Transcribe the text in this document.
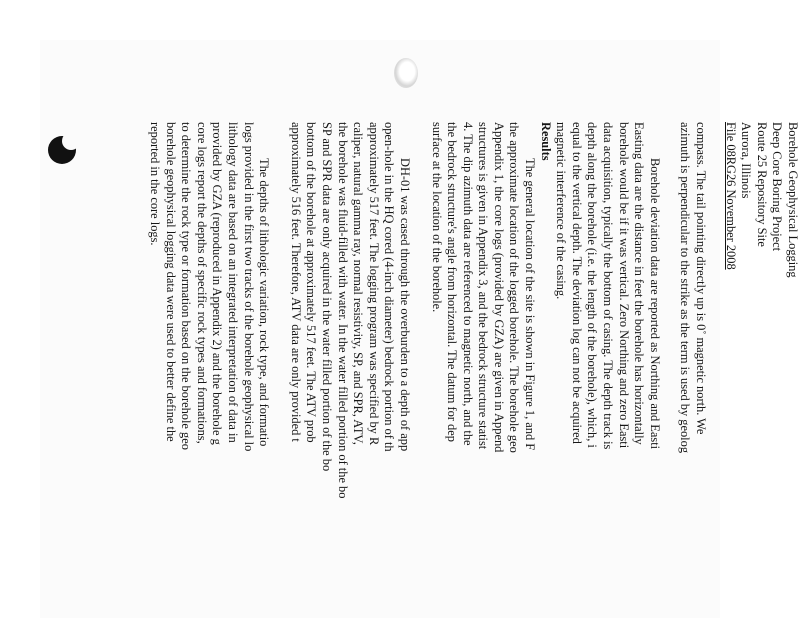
Borehole Geophysical Logging
Deep Core Boring Project
Route 25 Repository Site
Aurora, Illinois
File 08RG26 November 2008

compass. The tail pointing directly up is 0˚ magnetic north. We

azimuth is perpendicular to the strike as the term is used by geolog

Borehole deviation data are reported as Northing and Easti

Easting data are the distance in feet the borehole has horizontally

borehole would be if it was vertical. Zero Northing and zero Easti

data acquisition, typically the bottom of casing. The depth track is

depth along the borehole (i.e. the length of the borehole), which, i

equal to the vertical depth. The deviation log can not be acquired

magnetic interference of the casing.

Results

The general location of the site is shown in Figure 1, and F

the approximate location of the logged borehole. The borehole geo

Appendix 1, the core logs (provided by GZA) are given in Append

structures is given in Appendix 3, and the bedrock structure statist

4. The dip azimuth data are referenced to magnetic north, and the

the bedrock structure's angle from horizontal. The datum for dep

surface at the location of the borehole.

DH-01 was cased through the overburden to a depth of app

open-hole in the HQ cored (4-inch diameter) bedrock portion of th

approximately 517 feet. The logging program was specified by R

caliper, natural gamma ray, normal resistivity, SP, and SPR, ATV,

the borehole was fluid-filled with water. In the water filled portion of the bo

SP and SPR data are only acquired in the water filled portion of the bo

bottom of the borehole at approximately 517 feet. The ATV prob

approximately 516 feet. Therefore, ATV data are only provided t

The depths of lithologic variation, rock type, and formatio

logs provided in the first two tracks of the borehole geophysical lo

lithology data are based on an integrated interpretation of data in

provided by GZA (reproduced in Appendix 2) and the borehole g

core logs report the depths of specific rock types and formations,

to determine the rock type or formation based on the borehole geo

borehole geophysical logging data were used to better define the

reported in the core logs.
